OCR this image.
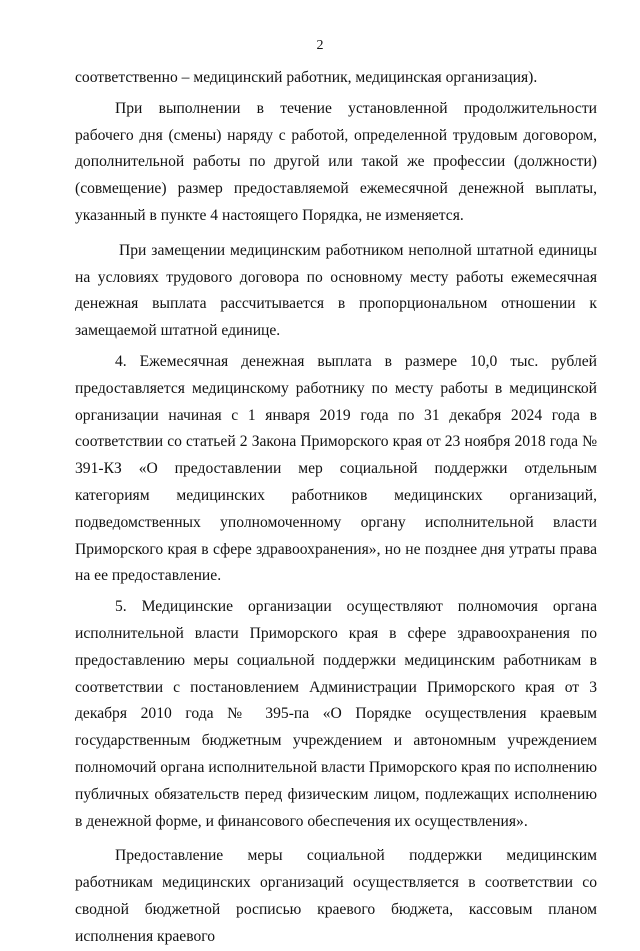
2

соответственно – медицинский работник, медицинская организация).

При выполнении в течение установленной продолжительности рабочего дня (смены) наряду с работой, определенной трудовым договором, дополнительной работы по другой или такой же профессии (должности) (совмещение) размер предоставляемой ежемесячной денежной выплаты, указанный в пункте 4 настоящего Порядка, не изменяется.

При замещении медицинским работником неполной штатной единицы на условиях трудового договора по основному месту работы ежемесячная денежная выплата рассчитывается в пропорциональном отношении к замещаемой штатной единице.

4. Ежемесячная денежная выплата в размере 10,0 тыс. рублей предоставляется медицинскому работнику по месту работы в медицинской организации начиная с 1 января 2019 года по 31 декабря 2024 года в соответствии со статьей 2 Закона Приморского края от 23 ноября 2018 года № 391-КЗ «О предоставлении мер социальной поддержки отдельным категориям медицинских работников медицинских организаций, подведомственных уполномоченному органу исполнительной власти Приморского края в сфере здравоохранения», но не позднее дня утраты права на ее предоставление.

5. Медицинские организации осуществляют полномочия органа исполнительной власти Приморского края в сфере здравоохранения по предоставлению меры социальной поддержки медицинским работникам в соответствии с постановлением Администрации Приморского края от 3 декабря 2010 года № 395-па «О Порядке осуществления краевым государственным бюджетным учреждением и автономным учреждением полномочий органа исполнительной власти Приморского края по исполнению публичных обязательств перед физическим лицом, подлежащих исполнению в денежной форме, и финансового обеспечения их осуществления».

Предоставление меры социальной поддержки медицинским работникам медицинских организаций осуществляется в соответствии со сводной бюджетной росписью краевого бюджета, кассовым планом исполнения краевого
